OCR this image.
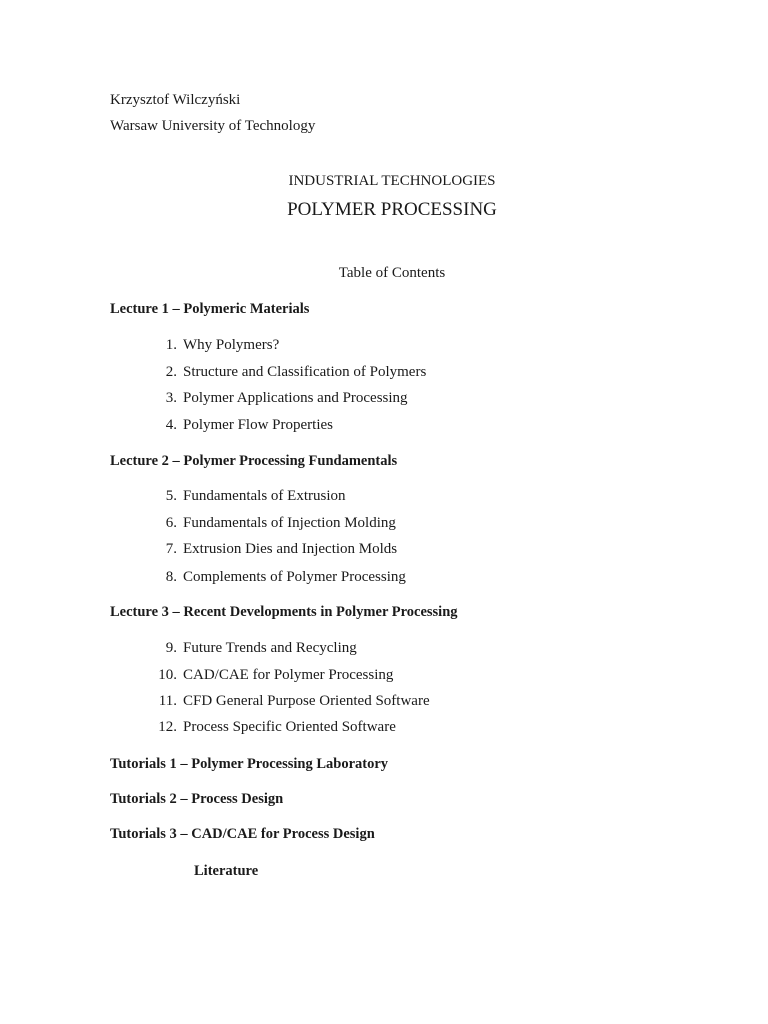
Krzysztof Wilczyński
Warsaw University of Technology
INDUSTRIAL TECHNOLOGIES
POLYMER PROCESSING
Table of Contents
Lecture 1 – Polymeric Materials
1. Why Polymers?
2. Structure and Classification of Polymers
3. Polymer Applications and Processing
4. Polymer Flow Properties
Lecture 2 – Polymer Processing Fundamentals
5. Fundamentals of Extrusion
6. Fundamentals of Injection Molding
7. Extrusion Dies and Injection Molds
8. Complements of Polymer Processing
Lecture 3 – Recent Developments in Polymer Processing
9. Future Trends and Recycling
10. CAD/CAE for Polymer Processing
11. CFD General Purpose Oriented Software
12. Process Specific Oriented Software
Tutorials 1 – Polymer Processing Laboratory
Tutorials 2 – Process Design
Tutorials 3 – CAD/CAE for Process Design
Literature
